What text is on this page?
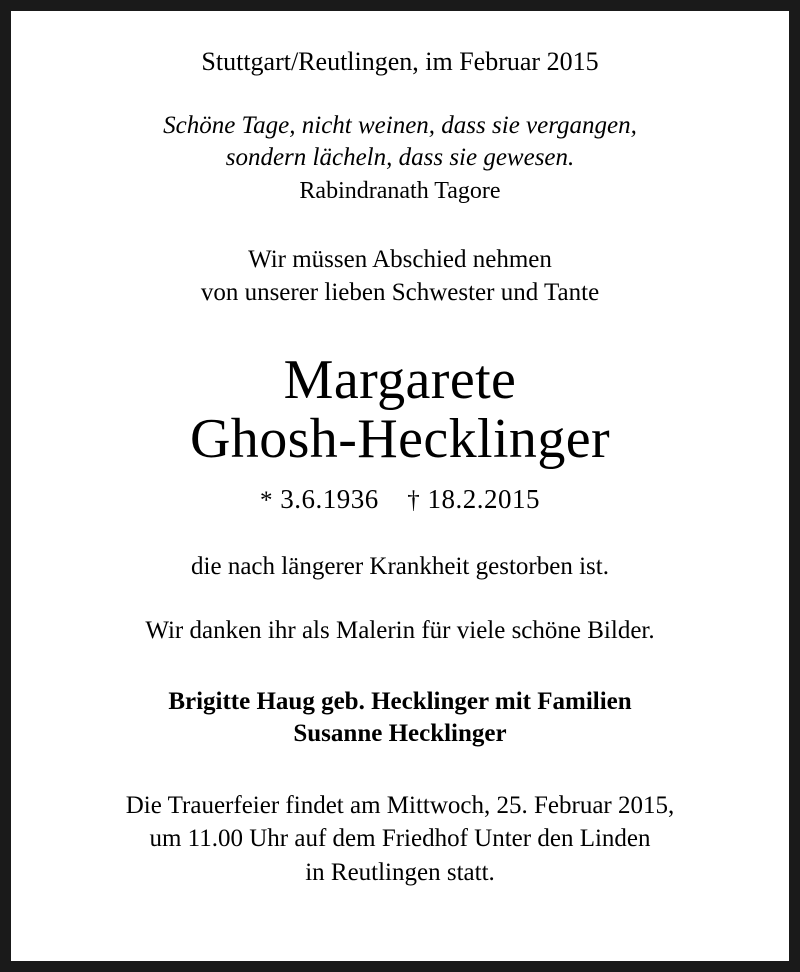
Stuttgart/Reutlingen, im Februar 2015
Schöne Tage, nicht weinen, dass sie vergangen,
sondern lächeln, dass sie gewesen.
Rabindranath Tagore
Wir müssen Abschied nehmen
von unserer lieben Schwester und Tante
Margarete
Ghosh-Hecklinger
* 3.6.1936 † 18.2.2015
die nach längerer Krankheit gestorben ist.
Wir danken ihr als Malerin für viele schöne Bilder.
Brigitte Haug geb. Hecklinger mit Familien
Susanne Hecklinger
Die Trauerfeier findet am Mittwoch, 25. Februar 2015,
um 11.00 Uhr auf dem Friedhof Unter den Linden
in Reutlingen statt.
